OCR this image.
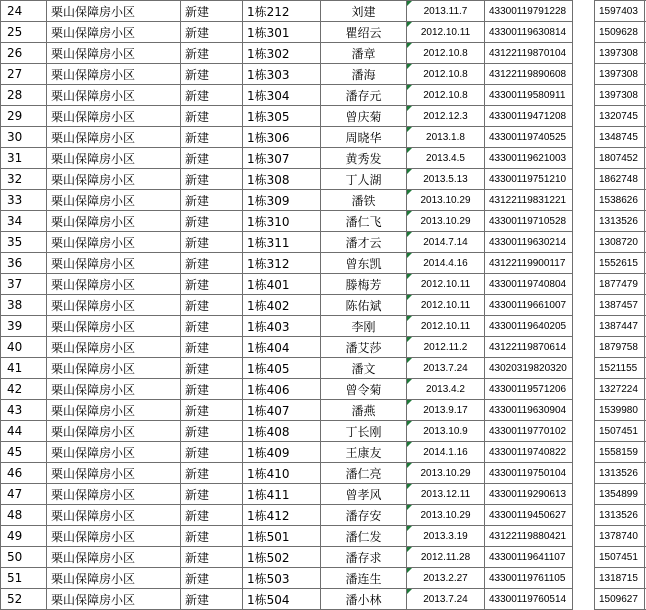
24	栗山保障房小区	新建	1栋212	刘建	2013.11.7	43300119791228		1597403	
25	栗山保障房小区	新建	1栋301	瞿绍云	2012.10.11	43300119630814		1509628	
26	栗山保障房小区	新建	1栋302	潘章	2012.10.8	43122119870104		1397308	
27	栗山保障房小区	新建	1栋303	潘海	2012.10.8	43122119890608		1397308	
28	栗山保障房小区	新建	1栋304	潘存元	2012.10.8	43300119580911		1397308	
29	栗山保障房小区	新建	1栋305	曾庆菊	2012.12.3	43300119471208		1320745	
30	栗山保障房小区	新建	1栋306	周晓华	2013.1.8	43300119740525		1348745	
31	栗山保障房小区	新建	1栋307	黄秀发	2013.4.5	43300119621003		1807452	
32	栗山保障房小区	新建	1栋308	丁人湖	2013.5.13	43300119751210		1862748	
33	栗山保障房小区	新建	1栋309	潘铁	2013.10.29	43122119831221		1538626	
34	栗山保障房小区	新建	1栋310	潘仁飞	2013.10.29	43300119710528		1313526	
35	栗山保障房小区	新建	1栋311	潘才云	2014.7.14	43300119630214		1308720	
36	栗山保障房小区	新建	1栋312	曾东凯	2014.4.16	43122119900117		1552615	
37	栗山保障房小区	新建	1栋401	滕梅芳	2012.10.11	43300119740804		1877479	
38	栗山保障房小区	新建	1栋402	陈佑斌	2012.10.11	43300119661007		1387457	
39	栗山保障房小区	新建	1栋403	李刚	2012.10.11	43300119640205		1387447	
40	栗山保障房小区	新建	1栋404	潘艾莎	2012.11.2	43122119870614		1879758	
41	栗山保障房小区	新建	1栋405	潘文	2013.7.24	43020319820320		1521155	
42	栗山保障房小区	新建	1栋406	曾令菊	2013.4.2	43300119571206		1327224	
43	栗山保障房小区	新建	1栋407	潘燕	2013.9.17	43300119630904		1539980	
44	栗山保障房小区	新建	1栋408	丁长刚	2013.10.9	43300119770102		1507451	
45	栗山保障房小区	新建	1栋409	王康友	2014.1.16	43300119740822		1558159	
46	栗山保障房小区	新建	1栋410	潘仁亮	2013.10.29	43300119750104		1313526	
47	栗山保障房小区	新建	1栋411	曾孝风	2013.12.11	43300119290613		1354899	
48	栗山保障房小区	新建	1栋412	潘存安	2013.10.29	43300119450627		1313526	
49	栗山保障房小区	新建	1栋501	潘仁发	2013.3.19	43122119880421		1378740	
50	栗山保障房小区	新建	1栋502	潘存求	2012.11.28	43300119641107		1507451	
51	栗山保障房小区	新建	1栋503	潘连生	2013.2.27	43300119761105		1318715	
52	栗山保障房小区	新建	1栋504	潘小林	2013.7.24	43300119760514		1509627	
